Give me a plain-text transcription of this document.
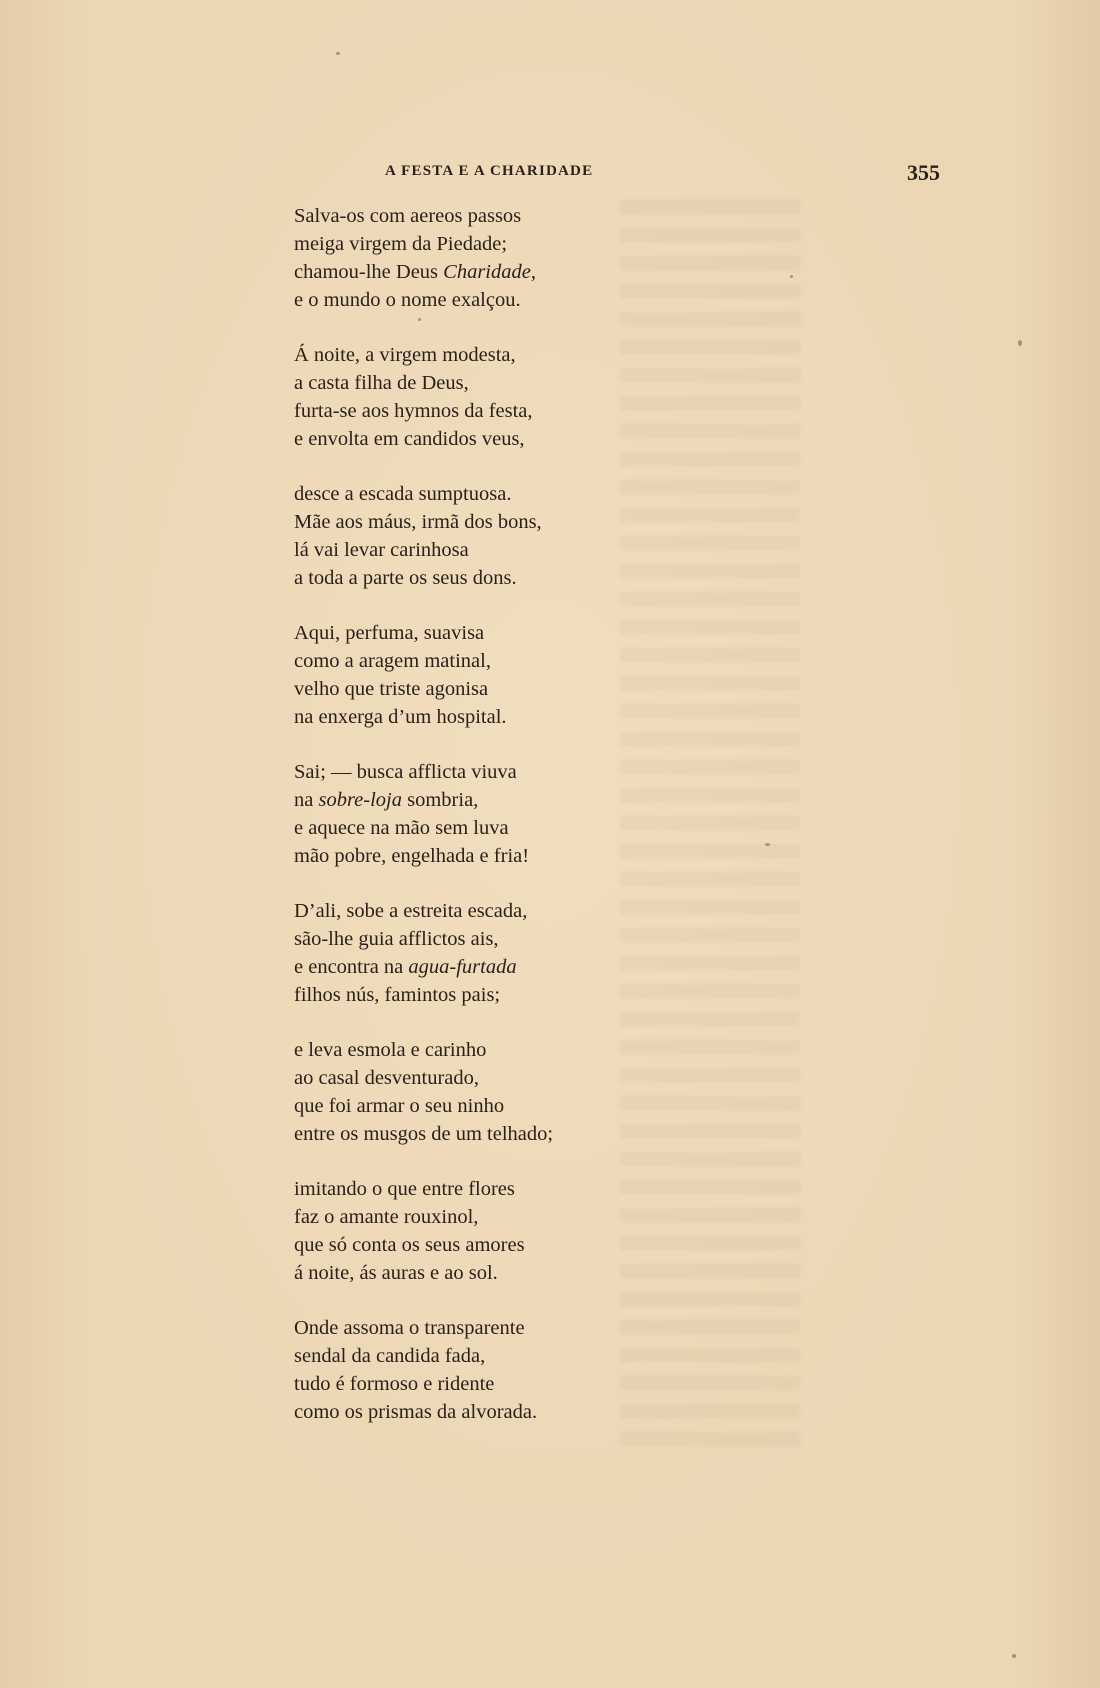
A FESTA E A CHARIDADE	355
Salva-os com aereos passos
meiga virgem da Piedade;
chamou-lhe Deus Charidade,
e o mundo o nome exalçou.
Á noite, a virgem modesta,
a casta filha de Deus,
furta-se aos hymnos da festa,
e envolta em candidos veus,
desce a escada sumptuosa.
Mãe aos máus, irmã dos bons,
lá vai levar carinhosa
a toda a parte os seus dons.
Aqui, perfuma, suavisa
como a aragem matinal,
velho que triste agonisa
na enxerga d’um hospital.
Sai; — busca afflicta viuva
na sobre-loja sombria,
e aquece na mão sem luva
mão pobre, engelhada e fria!
D’ali, sobe a estreita escada,
são-lhe guia afflictos ais,
e encontra na agua-furtada
filhos nús, famintos pais;
e leva esmola e carinho
ao casal desventurado,
que foi armar o seu ninho
entre os musgos de um telhado;
imitando o que entre flores
faz o amante rouxinol,
que só conta os seus amores
á noite, ás auras e ao sol.
Onde assoma o transparente
sendal da candida fada,
tudo é formoso e ridente
como os prismas da alvorada.
